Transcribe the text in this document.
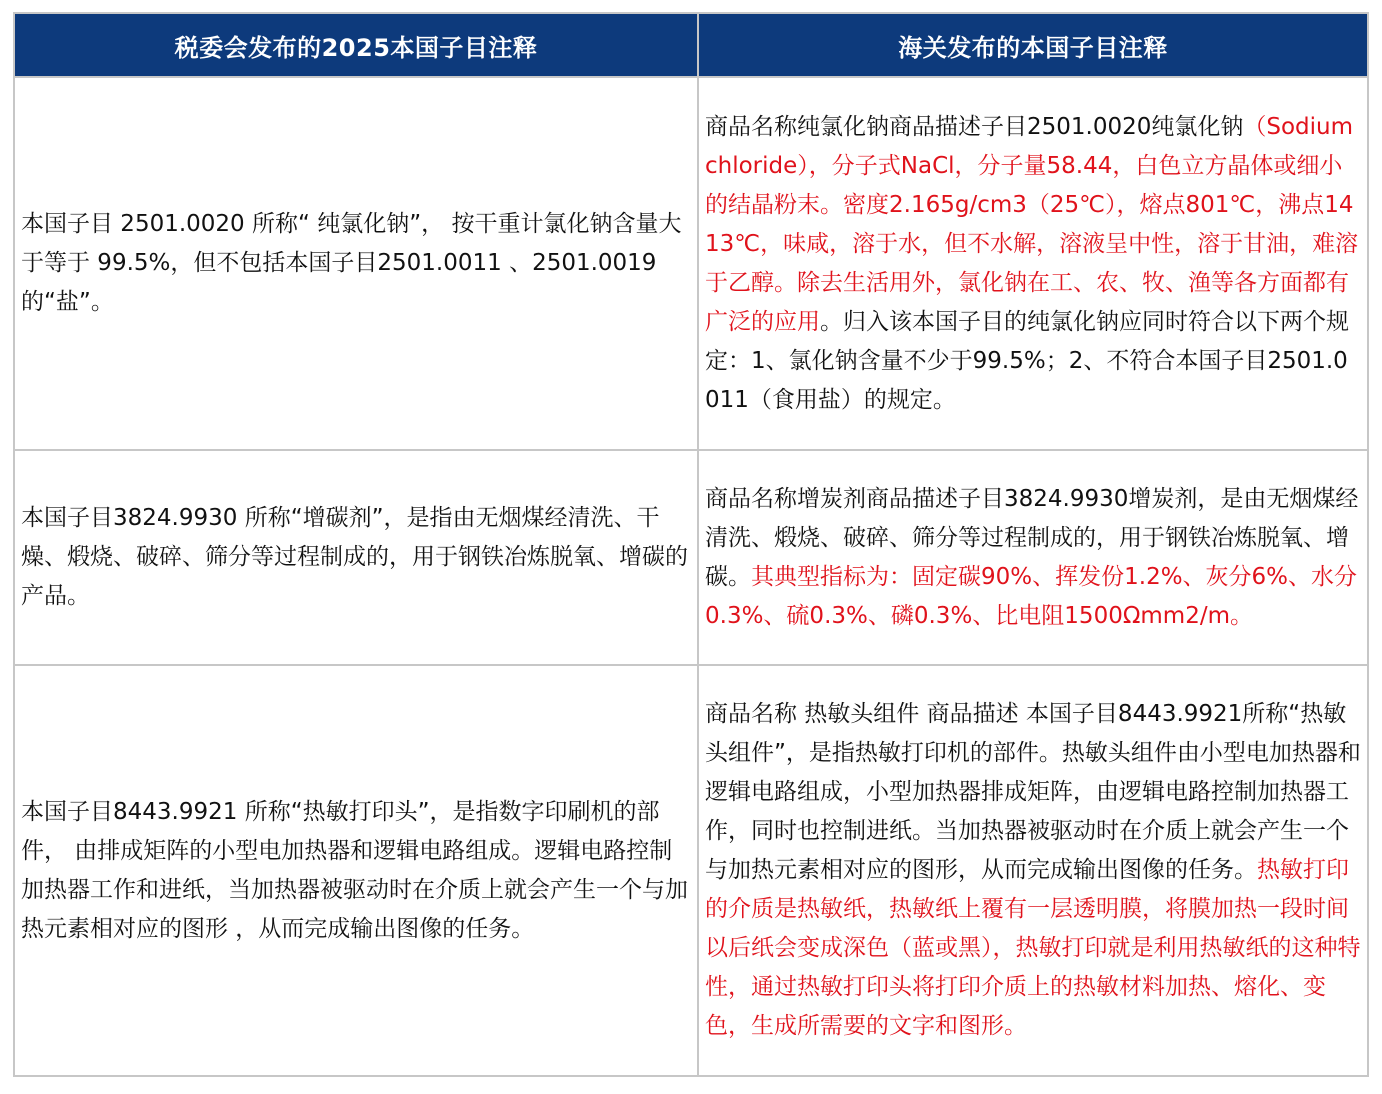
税委会发布的2025本国子目注释	海关发布的本国子目注释
本国子目 2501.0020 所称“ 纯氯化钠”， 按干重计氯化钠含量大于等于 99.5%，但不包括本国子目2501.0011 、2501.0019的“盐”。	商品名称纯氯化钠商品描述子目2501.0020纯氯化钠（Sodiumchloride），分子式NaCl，分子量58.44，白色立方晶体或细小的结晶粉末。密度2.165g/cm3（25℃），熔点801℃，沸点1413℃，味咸，溶于水，但不水解，溶液呈中性，溶于甘油，难溶于乙醇。除去生活用外，氯化钠在工、农、牧、渔等各方面都有广泛的应用。归入该本国子目的纯氯化钠应同时符合以下两个规定：1、氯化钠含量不少于99.5%；2、不符合本国子目2501.0011（食用盐）的规定。
本国子目3824.9930 所称“增碳剂”，是指由无烟煤经清洗、干燥、煅烧、破碎、筛分等过程制成的，用于钢铁冶炼脱氧、增碳的产品。	商品名称增炭剂商品描述子目3824.9930增炭剂，是由无烟煤经清洗、煅烧、破碎、筛分等过程制成的，用于钢铁冶炼脱氧、增碳。其典型指标为：固定碳90%、挥发份1.2%、灰分6%、水分0.3%、硫0.3%、磷0.3%、比电阻1500Ωmm2/m。
本国子目8443.9921 所称“热敏打印头”，是指数字印刷机的部件， 由排成矩阵的小型电加热器和逻辑电路组成。逻辑电路控制加热器工作和进纸，当加热器被驱动时在介质上就会产生一个与加热元素相对应的图形 ，从而完成输出图像的任务。	商品名称 热敏头组件 商品描述 本国子目8443.9921所称“热敏头组件”，是指热敏打印机的部件。热敏头组件由小型电加热器和逻辑电路组成，小型加热器排成矩阵，由逻辑电路控制加热器工作，同时也控制进纸。当加热器被驱动时在介质上就会产生一个与加热元素相对应的图形，从而完成输出图像的任务。热敏打印的介质是热敏纸，热敏纸上覆有一层透明膜，将膜加热一段时间以后纸会变成深色（蓝或黑），热敏打印就是利用热敏纸的这种特性，通过热敏打印头将打印介质上的热敏材料加热、熔化、变色，生成所需要的文字和图形。
